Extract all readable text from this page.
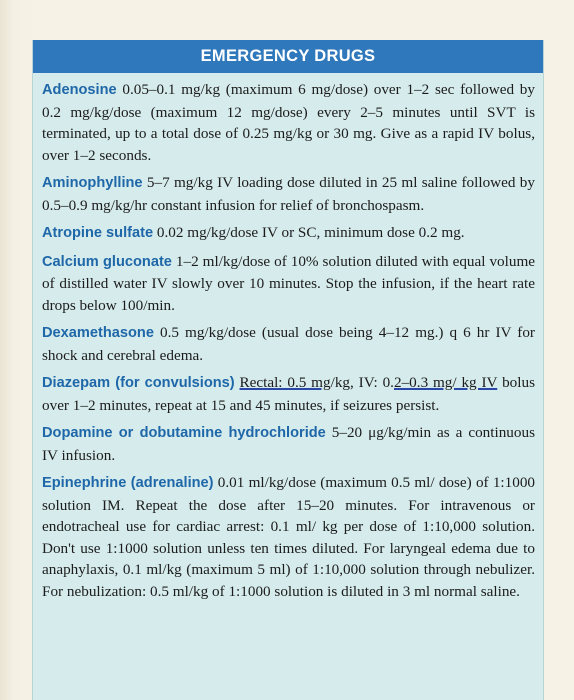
EMERGENCY DRUGS

Adenosine 0.05–0.1 mg/kg (maximum 6 mg/dose) over 1–2 sec followed by 0.2 mg/kg/dose (maximum 12 mg/dose) every 2–5 minutes until SVT is terminated, up to a total dose of 0.25 mg/kg or 30 mg. Give as a rapid IV bolus, over 1–2 seconds.

Aminophylline 5–7 mg/kg IV loading dose diluted in 25 ml saline followed by 0.5–0.9 mg/kg/hr constant infusion for relief of bronchospasm.

Atropine sulfate 0.02 mg/kg/dose IV or SC, minimum dose 0.2 mg.

Calcium gluconate 1–2 ml/kg/dose of 10% solution diluted with equal volume of distilled water IV slowly over 10 minutes. Stop the infusion, if the heart rate drops below 100/min.

Dexamethasone 0.5 mg/kg/dose (usual dose being 4–12 mg.) q 6 hr IV for shock and cerebral edema.

Diazepam (for convulsions) Rectal: 0.5 mg/kg, IV: 0.2–0.3 mg/ kg IV bolus over 1–2 minutes, repeat at 15 and 45 minutes, if seizures persist.

Dopamine or dobutamine hydrochloride 5–20 μg/kg/min as a continuous IV infusion.

Epinephrine (adrenaline) 0.01 ml/kg/dose (maximum 0.5 ml/ dose) of 1:1000 solution IM. Repeat the dose after 15–20 minutes. For intravenous or endotracheal use for cardiac arrest: 0.1 ml/ kg per dose of 1:10,000 solution. Don't use 1:1000 solution unless ten times diluted. For laryngeal edema due to anaphylaxis, 0.1 ml/kg (maximum 5 ml) of 1:10,000 solution through nebulizer. For nebulization: 0.5 ml/kg of 1:1000 solution is diluted in 3 ml normal saline.
